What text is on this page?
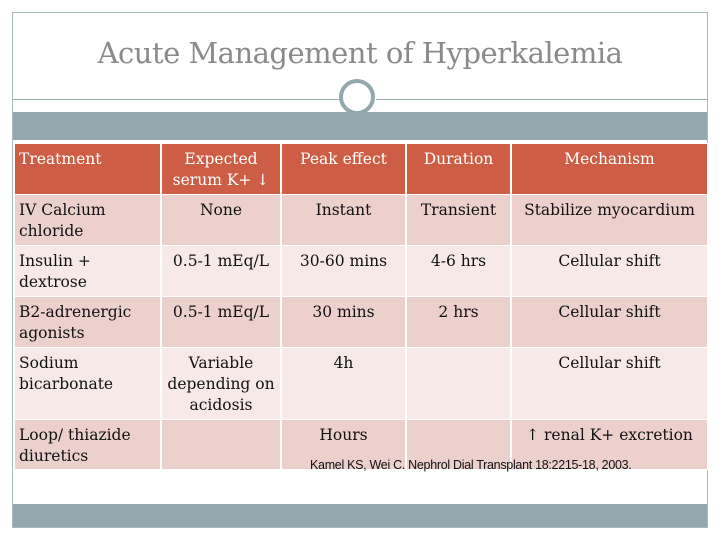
Acute Management of Hyperkalemia
Treatment	Expected serum K+ ↓	Peak effect	Duration	Mechanism
IV Calcium chloride	None	Instant	Transient	Stabilize myocardium
Insulin + dextrose	0.5-1 mEq/L	30-60 mins	4-6 hrs	Cellular shift
B2-adrenergic agonists	0.5-1 mEq/L	30 mins	2 hrs	Cellular shift
Sodium bicarbonate	Variable depending on acidosis	4h		Cellular shift
Loop/ thiazide diuretics		Hours		↑ renal K+ excretion
Kamel KS, Wei C. Nephrol Dial Transplant 18:2215-18, 2003.
